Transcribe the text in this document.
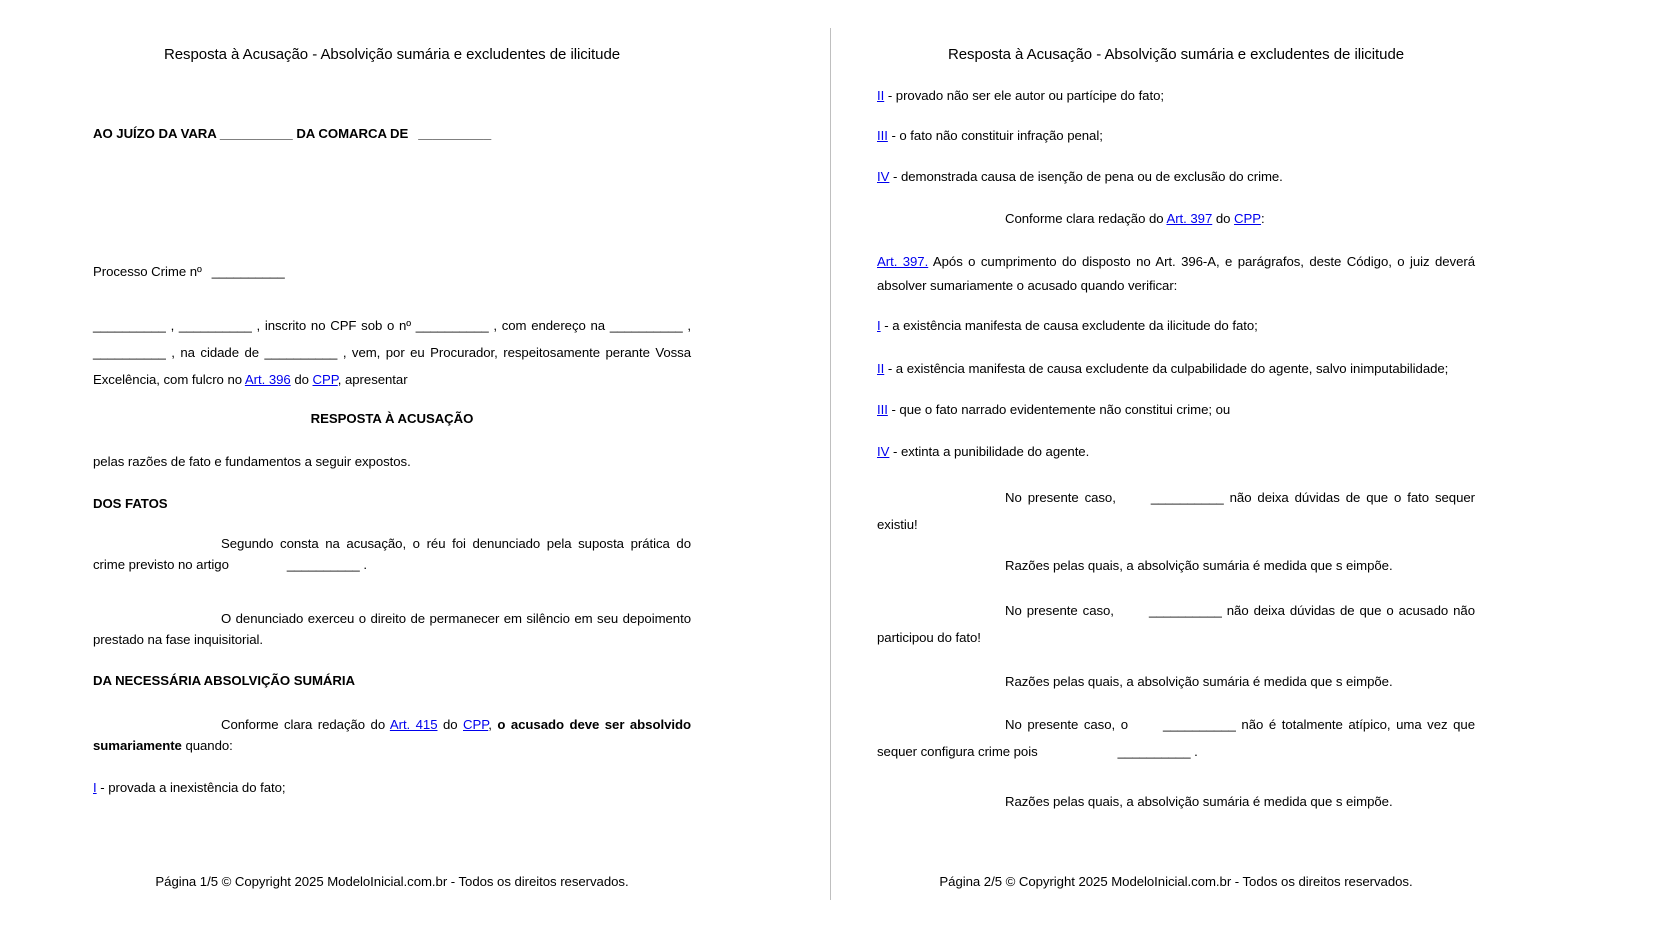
Resposta à Acusação - Absolvição sumária e excludentes de ilicitude

AO JUÍZO DA VARA __________ DA COMARCA DE __________

Processo Crime nº __________

__________ , __________ , inscrito no CPF sob o nº __________ , com endereço na __________ , __________ , na cidade de __________ , vem, por eu Procurador, respeitosamente perante Vossa Excelência, com fulcro no Art. 396 do CPP, apresentar

RESPOSTA À ACUSAÇÃO

pelas razões de fato e fundamentos a seguir expostos.

DOS FATOS

Segundo consta na acusação, o réu foi denunciado pela suposta prática do crime previsto no artigo	__________ .

O denunciado exerceu o direito de permanecer em silêncio em seu depoimento prestado na fase inquisitorial.

DA NECESSÁRIA ABSOLVIÇÃO SUMÁRIA

Conforme clara redação do Art. 415 do CPP, o acusado deve ser absolvido sumariamente quando:

I - provada a inexistência do fato;

Página 1/5 © Copyright 2025 ModeloInicial.com.br - Todos os direitos reservados.

Resposta à Acusação - Absolvição sumária e excludentes de ilicitude

II - provado não ser ele autor ou partícipe do fato;

III - o fato não constituir infração penal;

IV - demonstrada causa de isenção de pena ou de exclusão do crime.

Conforme clara redação do Art. 397 do CPP:

Art. 397. Após o cumprimento do disposto no Art. 396-A, e parágrafos, deste Código, o juiz deverá absolver sumariamente o acusado quando verificar:

I - a existência manifesta de causa excludente da ilicitude do fato;

II - a existência manifesta de causa excludente da culpabilidade do agente, salvo inimputabilidade;

III - que o fato narrado evidentemente não constitui crime; ou

IV - extinta a punibilidade do agente.

No presente caso,	__________ não deixa dúvidas de que o fato sequer existiu!

Razões pelas quais, a absolvição sumária é medida que s eimpõe.

No presente caso,	__________ não deixa dúvidas de que o acusado não participou do fato!

Razões pelas quais, a absolvição sumária é medida que s eimpõe.

No presente caso, o	__________ não é totalmente atípico, uma vez que sequer configura crime pois	__________ .

Razões pelas quais, a absolvição sumária é medida que s eimpõe.

Página 2/5 © Copyright 2025 ModeloInicial.com.br - Todos os direitos reservados.
